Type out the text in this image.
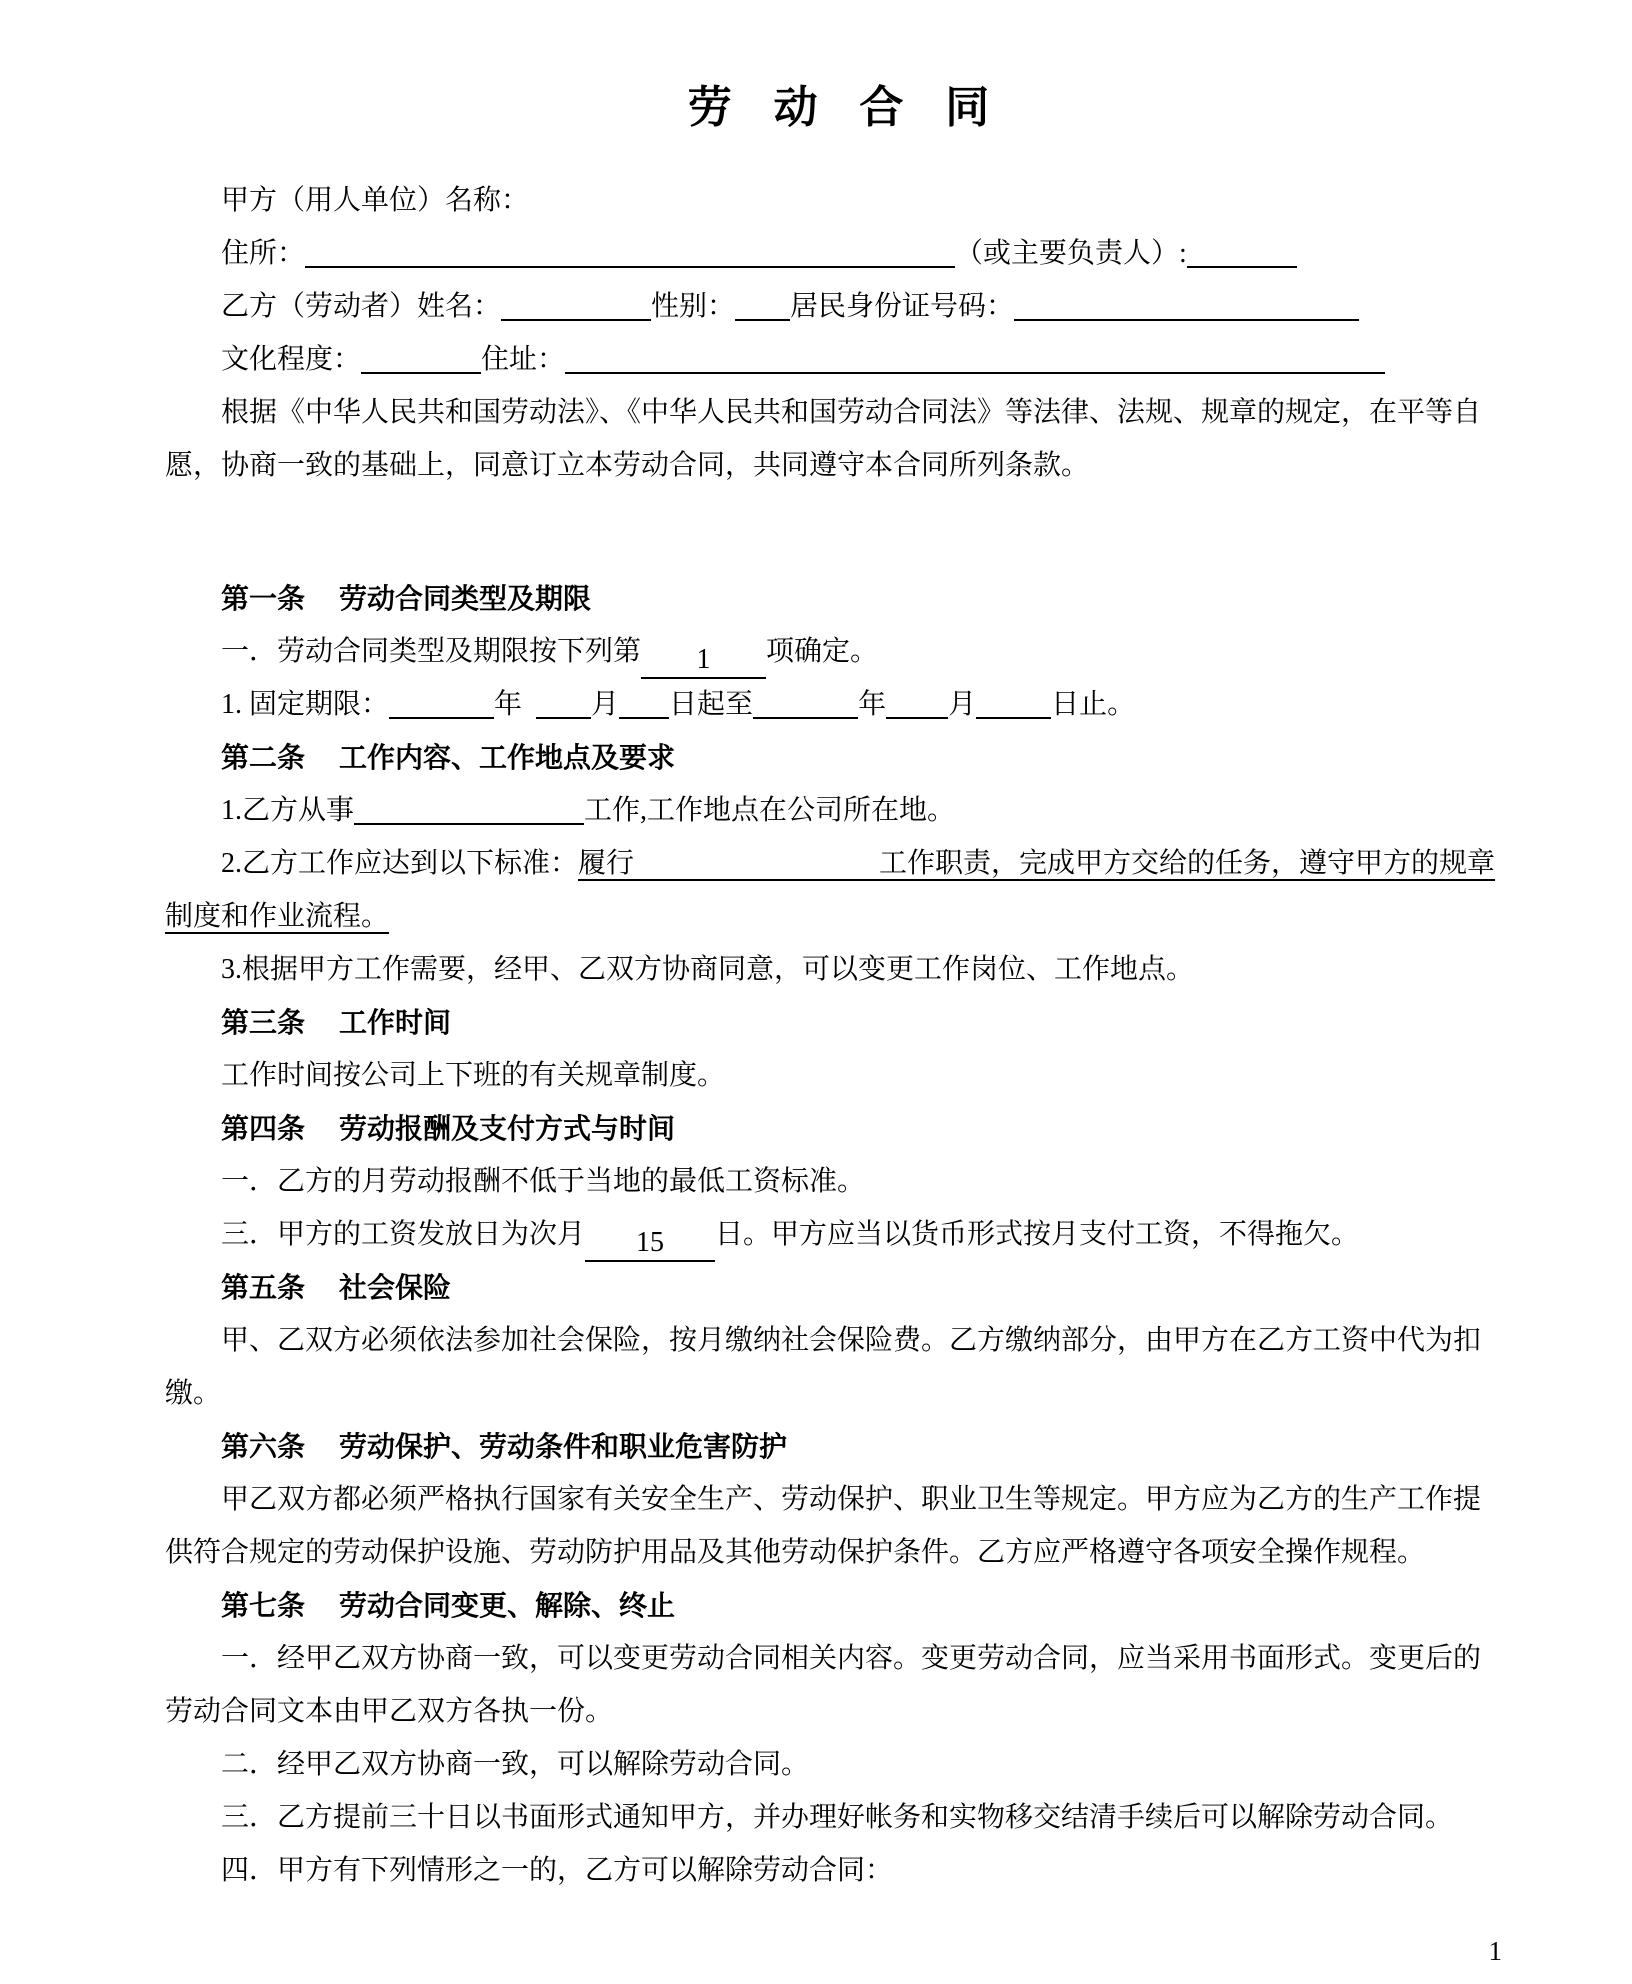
劳动合同
甲方（用人单位）名称：
住所：	（或主要负责人）:
乙方（劳动者）姓名：	性别： 居民身份证号码：
文化程度：	住址：
根据《中华人民共和国劳动法》、《中华人民共和国劳动合同法》等法律、法规、规章的规定，在平等自
愿，协商一致的基础上，同意订立本劳动合同，共同遵守本合同所列条款。
第一条 劳动合同类型及期限
一．劳动合同类型及期限按下列第 1 项确定。
1. 固定期限：	年 月 日起至	年 月	日止。
第二条 工作内容、工作地点及要求
1.乙方从事	工作,工作地点在公司所在地。
2.乙方工作应达到以下标准：履行	工作职责，完成甲方交给的任务，遵守甲方的规章
制度和作业流程。
3.根据甲方工作需要，经甲、乙双方协商同意，可以变更工作岗位、工作地点。
第三条 工作时间
工作时间按公司上下班的有关规章制度。
第四条 劳动报酬及支付方式与时间
一．乙方的月劳动报酬不低于当地的最低工资标准。
三．甲方的工资发放日为次月 15 日。甲方应当以货币形式按月支付工资，不得拖欠。
第五条 社会保险
甲、乙双方必须依法参加社会保险，按月缴纳社会保险费。乙方缴纳部分，由甲方在乙方工资中代为扣
缴。
第六条 劳动保护、劳动条件和职业危害防护
甲乙双方都必须严格执行国家有关安全生产、劳动保护、职业卫生等规定。甲方应为乙方的生产工作提
供符合规定的劳动保护设施、劳动防护用品及其他劳动保护条件。乙方应严格遵守各项安全操作规程。
第七条 劳动合同变更、解除、终止
一．经甲乙双方协商一致，可以变更劳动合同相关内容。变更劳动合同，应当采用书面形式。变更后的
劳动合同文本由甲乙双方各执一份。
二．经甲乙双方协商一致，可以解除劳动合同。
三．乙方提前三十日以书面形式通知甲方，并办理好帐务和实物移交结清手续后可以解除劳动合同。
四．甲方有下列情形之一的，乙方可以解除劳动合同：
1
